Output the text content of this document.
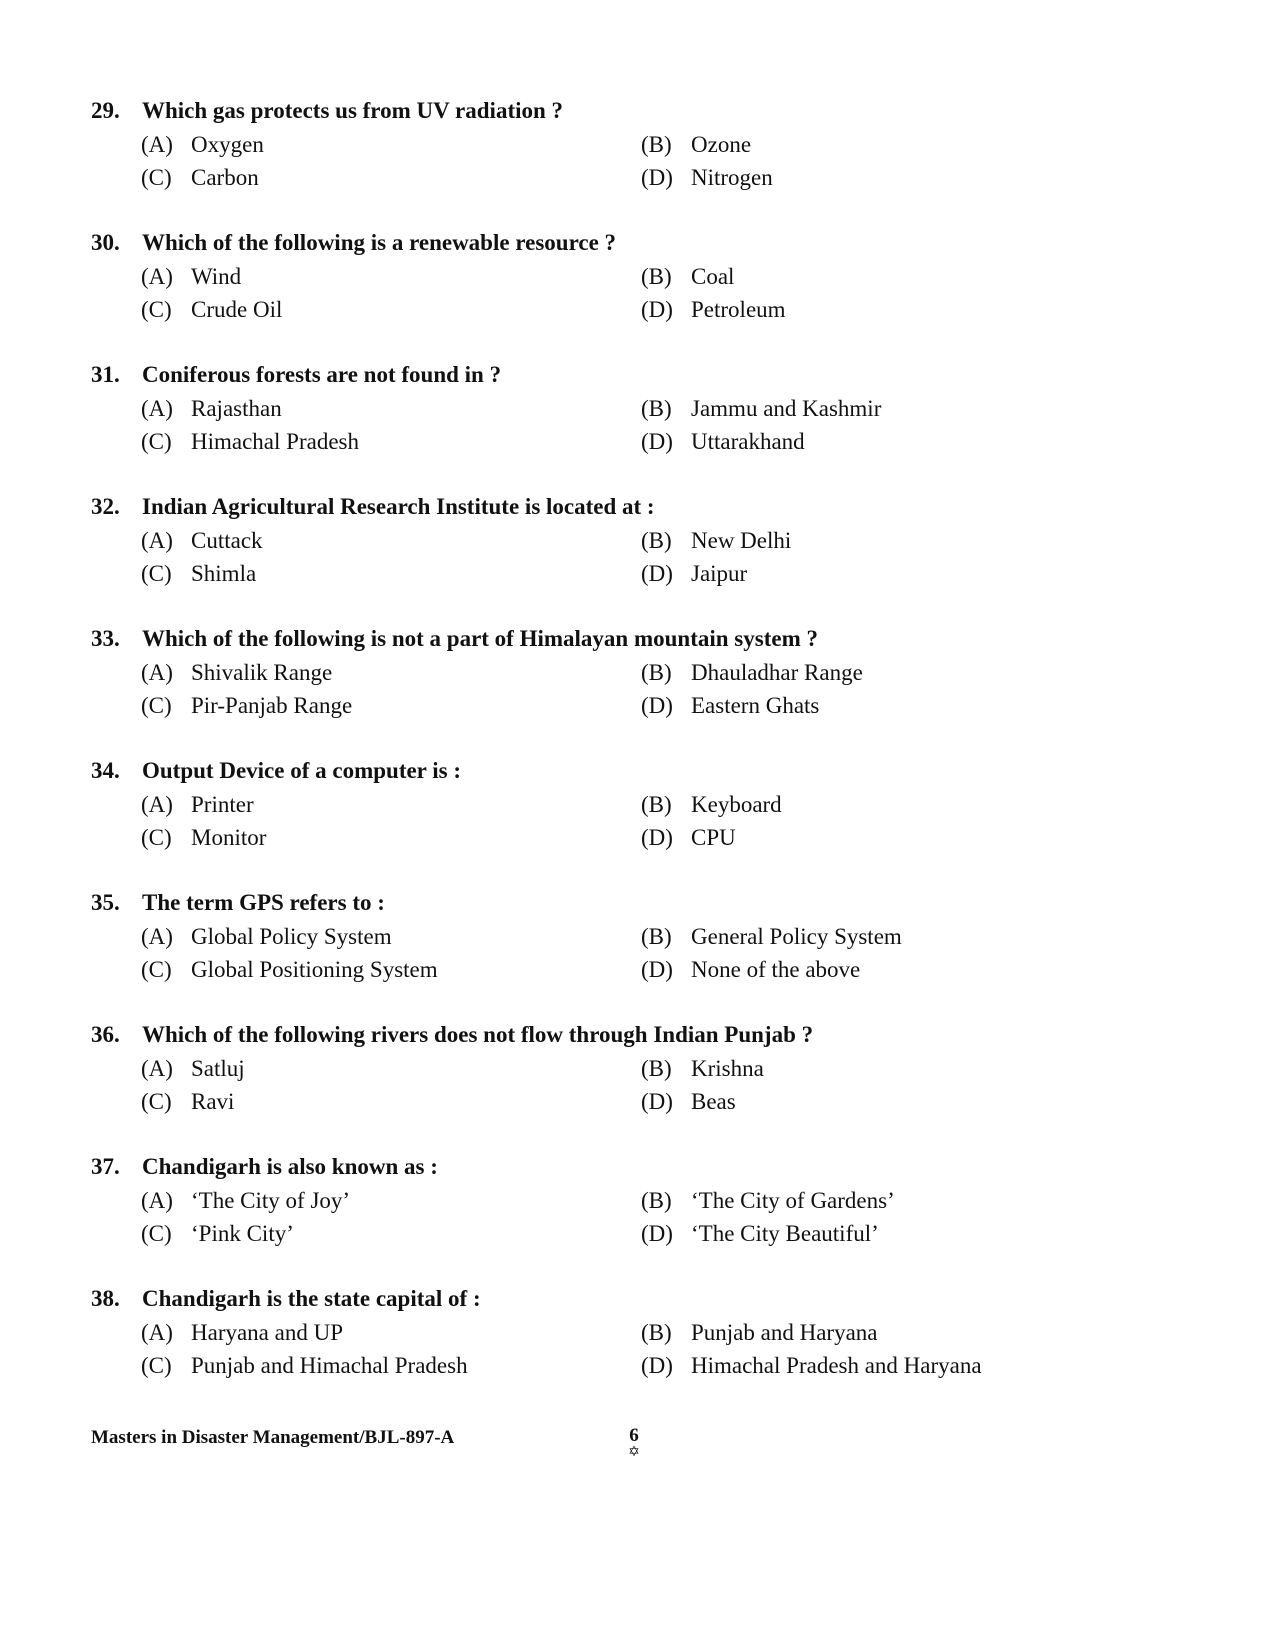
29. Which gas protects us from UV radiation ?
(A) Oxygen	(B) Ozone
(C) Carbon	(D) Nitrogen
30. Which of the following is a renewable resource ?
(A) Wind	(B) Coal
(C) Crude Oil	(D) Petroleum
31. Coniferous forests are not found in ?
(A) Rajasthan	(B) Jammu and Kashmir
(C) Himachal Pradesh	(D) Uttarakhand
32. Indian Agricultural Research Institute is located at :
(A) Cuttack	(B) New Delhi
(C) Shimla	(D) Jaipur
33. Which of the following is not a part of Himalayan mountain system ?
(A) Shivalik Range	(B) Dhauladhar Range
(C) Pir-Panjab Range	(D) Eastern Ghats
34. Output Device of a computer is :
(A) Printer	(B) Keyboard
(C) Monitor	(D) CPU
35. The term GPS refers to :
(A) Global Policy System	(B) General Policy System
(C) Global Positioning System	(D) None of the above
36. Which of the following rivers does not flow through Indian Punjab ?
(A) Satluj	(B) Krishna
(C) Ravi	(D) Beas
37. Chandigarh is also known as :
(A) ‘The City of Joy’	(B) ‘The City of Gardens’
(C) ‘Pink City’	(D) ‘The City Beautiful’
38. Chandigarh is the state capital of :
(A) Haryana and UP	(B) Punjab and Haryana
(C) Punjab and Himachal Pradesh	(D) Himachal Pradesh and Haryana
Masters in Disaster Management/BJL-897-A	6
✡
